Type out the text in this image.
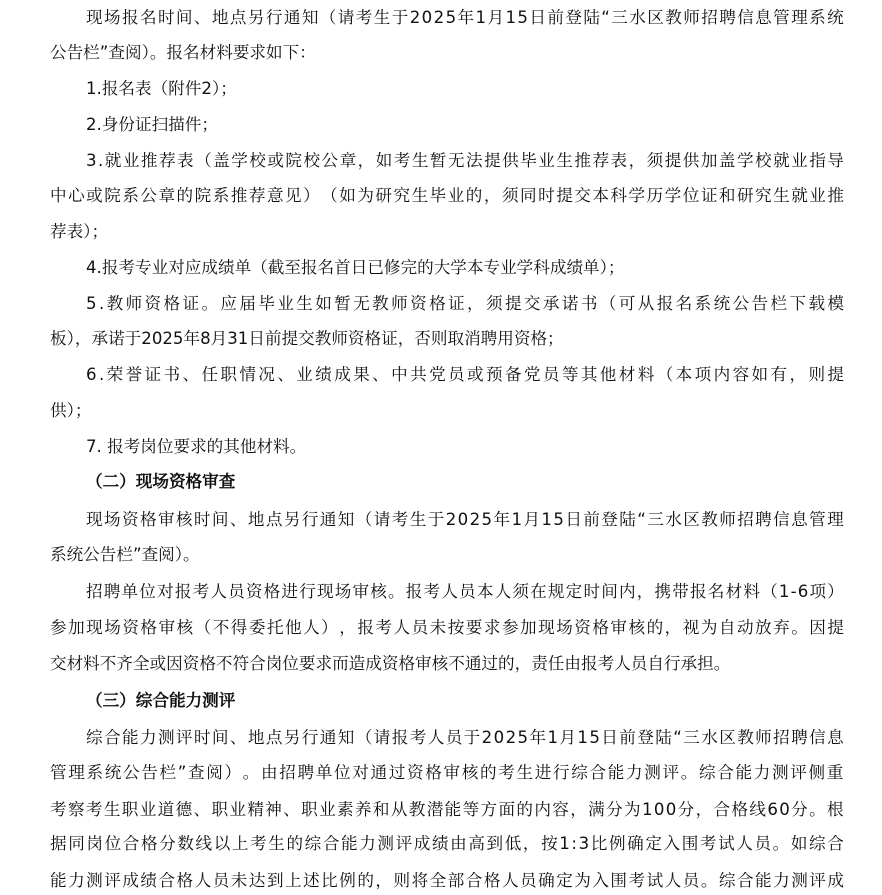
现 场 报 名 时 间 、 地 点 另 行 通 知 （ 请 考 生 于 2 0 2 5 年 1 月 1 5 日 前 登 陆 “ 三 水 区 教 师 招 聘 信 息 管 理 系 统
公告栏”查阅）。报名材料要求如下：
1.报名表（附件2）；
2.身份证扫描件；
3 . 就 业 推 荐 表 （ 盖 学 校 或 院 校 公 章 ， 如 考 生 暂 无 法 提 供 毕 业 生 推 荐 表 ， 须 提 供 加 盖 学 校 就 业 指 导
中 心 或 院 系 公 章 的 院 系 推 荐 意 见 ） （ 如 为 研 究 生 毕 业 的 ， 须 同 时 提 交 本 科 学 历 学 位 证 和 研 究 生 就 业 推
荐表）；
4.报考专业对应成绩单（截至报名首日已修完的大学本专业学科成绩单）；
5 . 教 师 资 格 证 。 应 届 毕 业 生 如 暂 无 教 师 资 格 证 ， 须 提 交 承 诺 书 （ 可 从 报 名 系 统 公 告 栏 下 载 模
板），承诺于2025年8月31日前提交教师资格证，否则取消聘用资格；
6 . 荣 誉 证 书 、 任 职 情 况 、 业 绩 成 果 、 中 共 党 员 或 预 备 党 员 等 其 他 材 料 （ 本 项 内 容 如 有 ， 则 提
供）；
7. 报考岗位要求的其他材料。
（二）现场资格审查
现 场 资 格 审 核 时 间 、 地 点 另 行 通 知 （ 请 考 生 于 2 0 2 5 年 1 月 1 5 日 前 登 陆 “ 三 水 区 教 师 招 聘 信 息 管 理
系统公告栏”查阅）。
招 聘 单 位 对 报 考 人 员 资 格 进 行 现 场 审 核 。 报 考 人 员 本 人 须 在 规 定 时 间 内 ， 携 带 报 名 材 料 （ 1 - 6 项 ）
参 加 现 场 资 格 审 核 （ 不 得 委 托 他 人 ） ， 报 考 人 员 未 按 要 求 参 加 现 场 资 格 审 核 的 ， 视 为 自 动 放 弃 。 因 提
交材料不齐全或因资格不符合岗位要求而造成资格审核不通过的，责任由报考人员自行承担。
（三）综合能力测评
综 合 能 力 测 评 时 间 、 地 点 另 行 通 知 （ 请 报 考 人 员 于 2 0 2 5 年 1 月 1 5 日 前 登 陆 “ 三 水 区 教 师 招 聘 信 息
管 理 系 统 公 告 栏 ” 查 阅 ） 。 由 招 聘 单 位 对 通 过 资 格 审 核 的 考 生 进 行 综 合 能 力 测 评 。 综 合 能 力 测 评 侧 重
考 察 考 生 职 业 道 德 、 职 业 精 神 、 职 业 素 养 和 从 教 潜 能 等 方 面 的 内 容 ， 满 分 为 1 0 0 分 ， 合 格 线 6 0 分 。 根
据 同 岗 位 合 格 分 数 线 以 上 考 生 的 综 合 能 力 测 评 成 绩 由 高 到 低 ， 按 1 : 3 比 例 确 定 入 围 考 试 人 员 。 如 综 合
能 力 测 评 成 绩 合 格 人 员 未 达 到 上 述 比 例 的 ， 则 将 全 部 合 格 人 员 确 定 为 入 围 考 试 人 员 。 综 合 能 力 测 评 成
